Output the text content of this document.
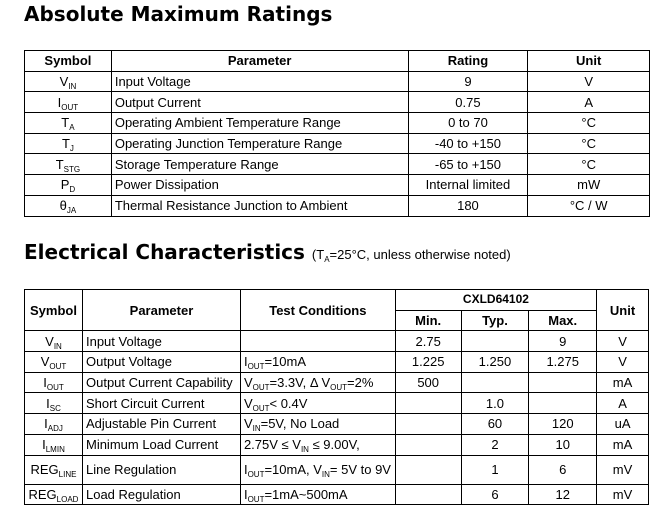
Absolute Maximum Ratings
Symbol	Parameter	Rating	Unit
$V_{IN}$	Input Voltage	9	V
$I_{OUT}$	Output Current	0.75	A
$T_A$	Operating Ambient Temperature Range	0 to 70	°C
$T_J$	Operating Junction Temperature Range	-40 to +150	°C
$T_{STG}$	Storage Temperature Range	-65 to +150	°C
$P_D$	Power Dissipation	Internal limited	mW
$\theta_{JA}$	Thermal Resistance Junction to Ambient	180	°C / W
Electrical Characteristics ($T_A=25^\circ C$, unless otherwise noted)
Symbol	Parameter	Test Conditions	CXLD64102			Unit
			Min.	Typ.	Max.	
$V_{IN}$	Input Voltage		2.75		9	V
$V_{OUT}$	Output Voltage	$I_{OUT}=10mA$	1.225	1.250	1.275	V
$I_{OUT}$	Output Current Capability	$V_{OUT}=3.3V$, Δ $V_{OUT}=2\%$	500			mA
$I_{SC}$	Short Circuit Current	$V_{OUT}< 0.4V$		1.0		A
$I_{ADJ}$	Adjustable Pin Current	$V_{IN}=5V$, No Load		60	120	uA
$I_{LMIN}$	Minimum Load Current	$2.75V \le V_{IN} \le 9.00V$,		2	10	mA
$REG_{LINE}$	Line Regulation	$I_{OUT}=10mA$, $V_{IN}= 5V$ to 9V		1	6	mV
$REG_{LOAD}$	Load Regulation	$I_{OUT}=1mA\sim 500mA$		6	12	mV
